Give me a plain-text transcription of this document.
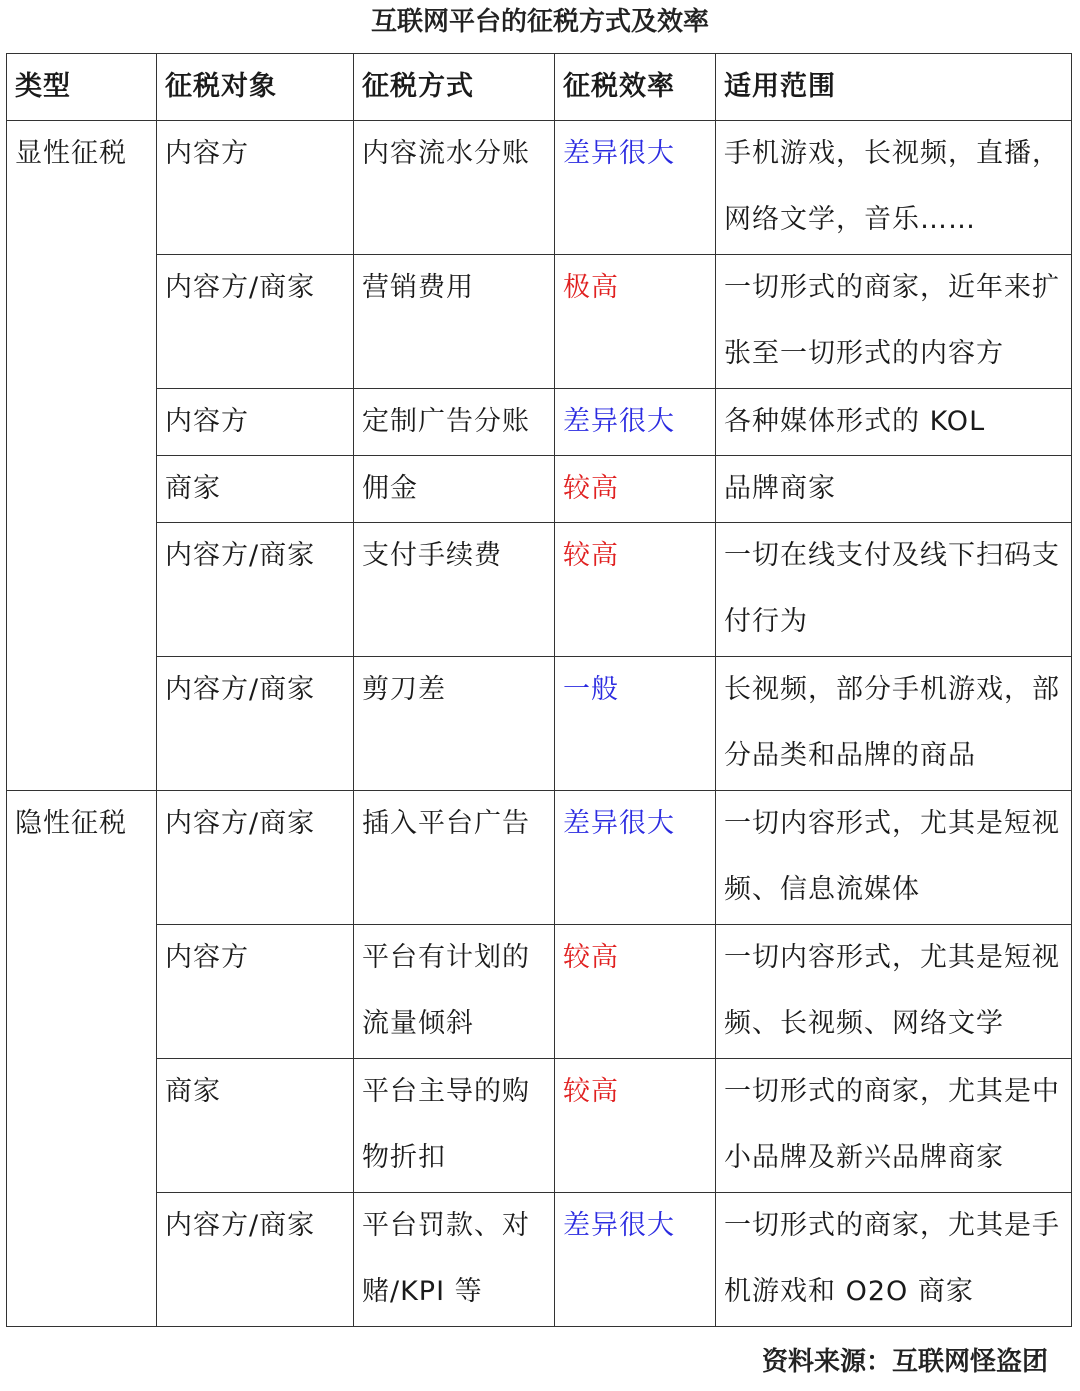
互联网平台的征税方式及效率
类型	征税对象	征税方式	征税效率	适用范围
显性征税	内容方	内容流水分账	差异很大	手机游戏，长视频，直播，网络文学，音乐……
	内容方/商家	营销费用	极高	一切形式的商家，近年来扩张至一切形式的内容方
	内容方	定制广告分账	差异很大	各种媒体形式的 KOL
	商家	佣金	较高	品牌商家
	内容方/商家	支付手续费	较高	一切在线支付及线下扫码支付行为
	内容方/商家	剪刀差	一般	长视频，部分手机游戏，部分品类和品牌的商品
隐性征税	内容方/商家	插入平台广告	差异很大	一切内容形式，尤其是短视频、信息流媒体
	内容方	平台有计划的流量倾斜	较高	一切内容形式，尤其是短视频、长视频、网络文学
	商家	平台主导的购物折扣	较高	一切形式的商家，尤其是中小品牌及新兴品牌商家
	内容方/商家	平台罚款、对赌/KPI 等	差异很大	一切形式的商家，尤其是手机游戏和 O2O 商家
资料来源：互联网怪盗团
